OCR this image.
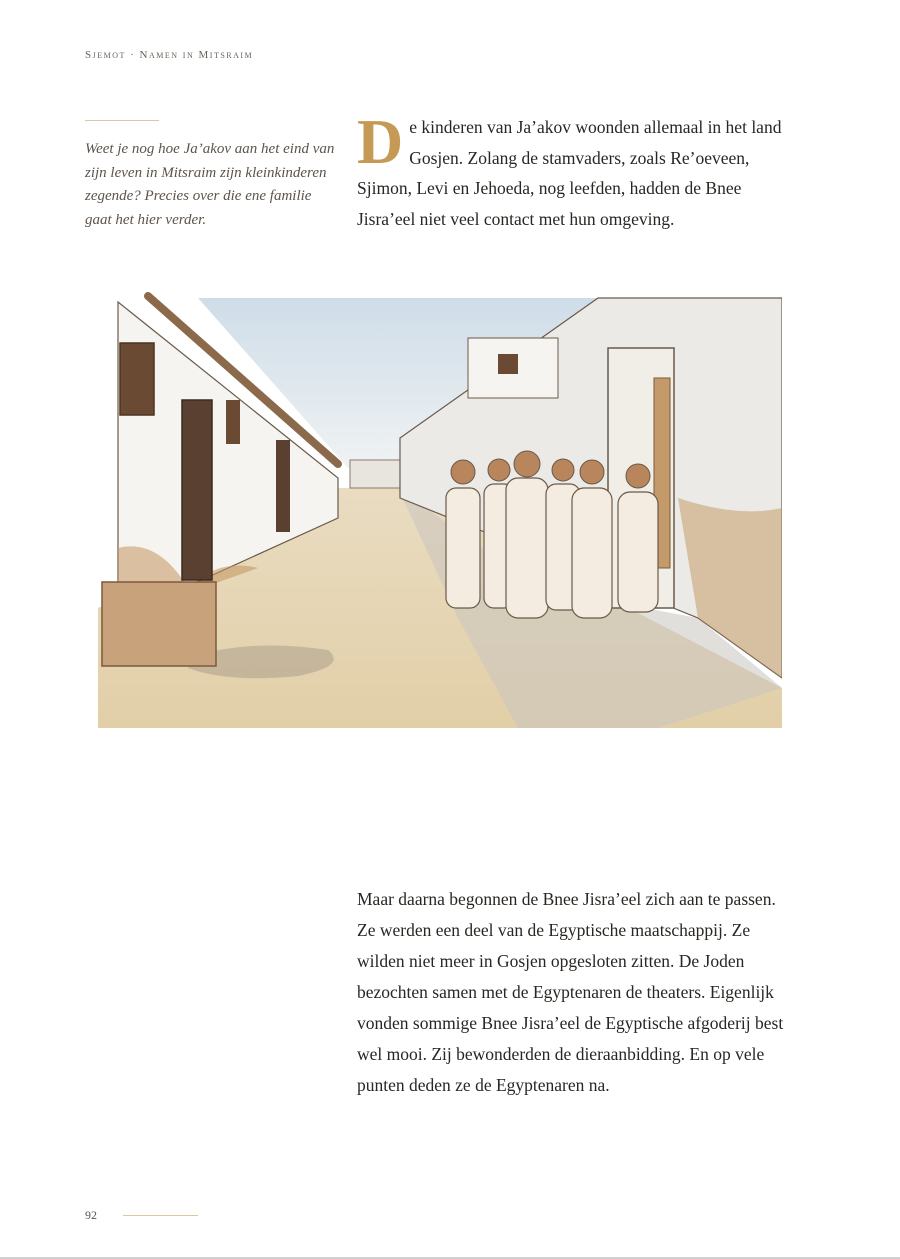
Sjemot · Namen in Mitsraim
Weet je nog hoe Ja’akov aan het eind van zijn leven in Mitsraim zijn kleinkinderen zegende? Precies over die ene familie gaat het hier verder.
De kinderen van Ja’akov woonden allemaal in het land Gosjen. Zolang de stamvaders, zoals Re’oeveen, Sjimon, Levi en Jehoeda, nog leefden, hadden de Bnee Jisra’eel niet veel contact met hun omgeving.
Maar daarna begonnen de Bnee Jisra’eel zich aan te passen. Ze werden een deel van de Egyptische maatschappij. Ze wilden niet meer in Gosjen opgesloten zitten. De Joden bezochten samen met de Egyptenaren de theaters. Eigenlijk vonden sommige Bnee Jisra’eel de Egyptische afgoderij best wel mooi. Zij bewonderden de dieraanbidding. En op vele punten deden ze de Egyptenaren na.
92
